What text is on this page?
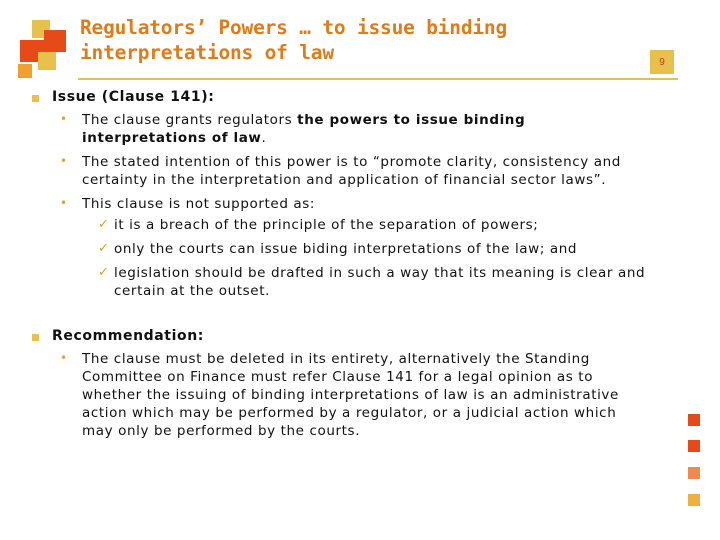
Regulators’ Powers … to issue binding
interpretations of law	9
Issue (Clause 141):
• The clause grants regulators the powers to issue binding
interpretations of law.
• The stated intention of this power is to “promote clarity, consistency and
certainty in the interpretation and application of financial sector laws”.
• This clause is not supported as:
✓ it is a breach of the principle of the separation of powers;
✓ only the courts can issue biding interpretations of the law; and
✓ legislation should be drafted in such a way that its meaning is clear and
certain at the outset.
Recommendation:
• The clause must be deleted in its entirety, alternatively the Standing
Committee on Finance must refer Clause 141 for a legal opinion as to
whether the issuing of binding interpretations of law is an administrative
action which may be performed by a regulator, or a judicial action which
may only be performed by the courts.
